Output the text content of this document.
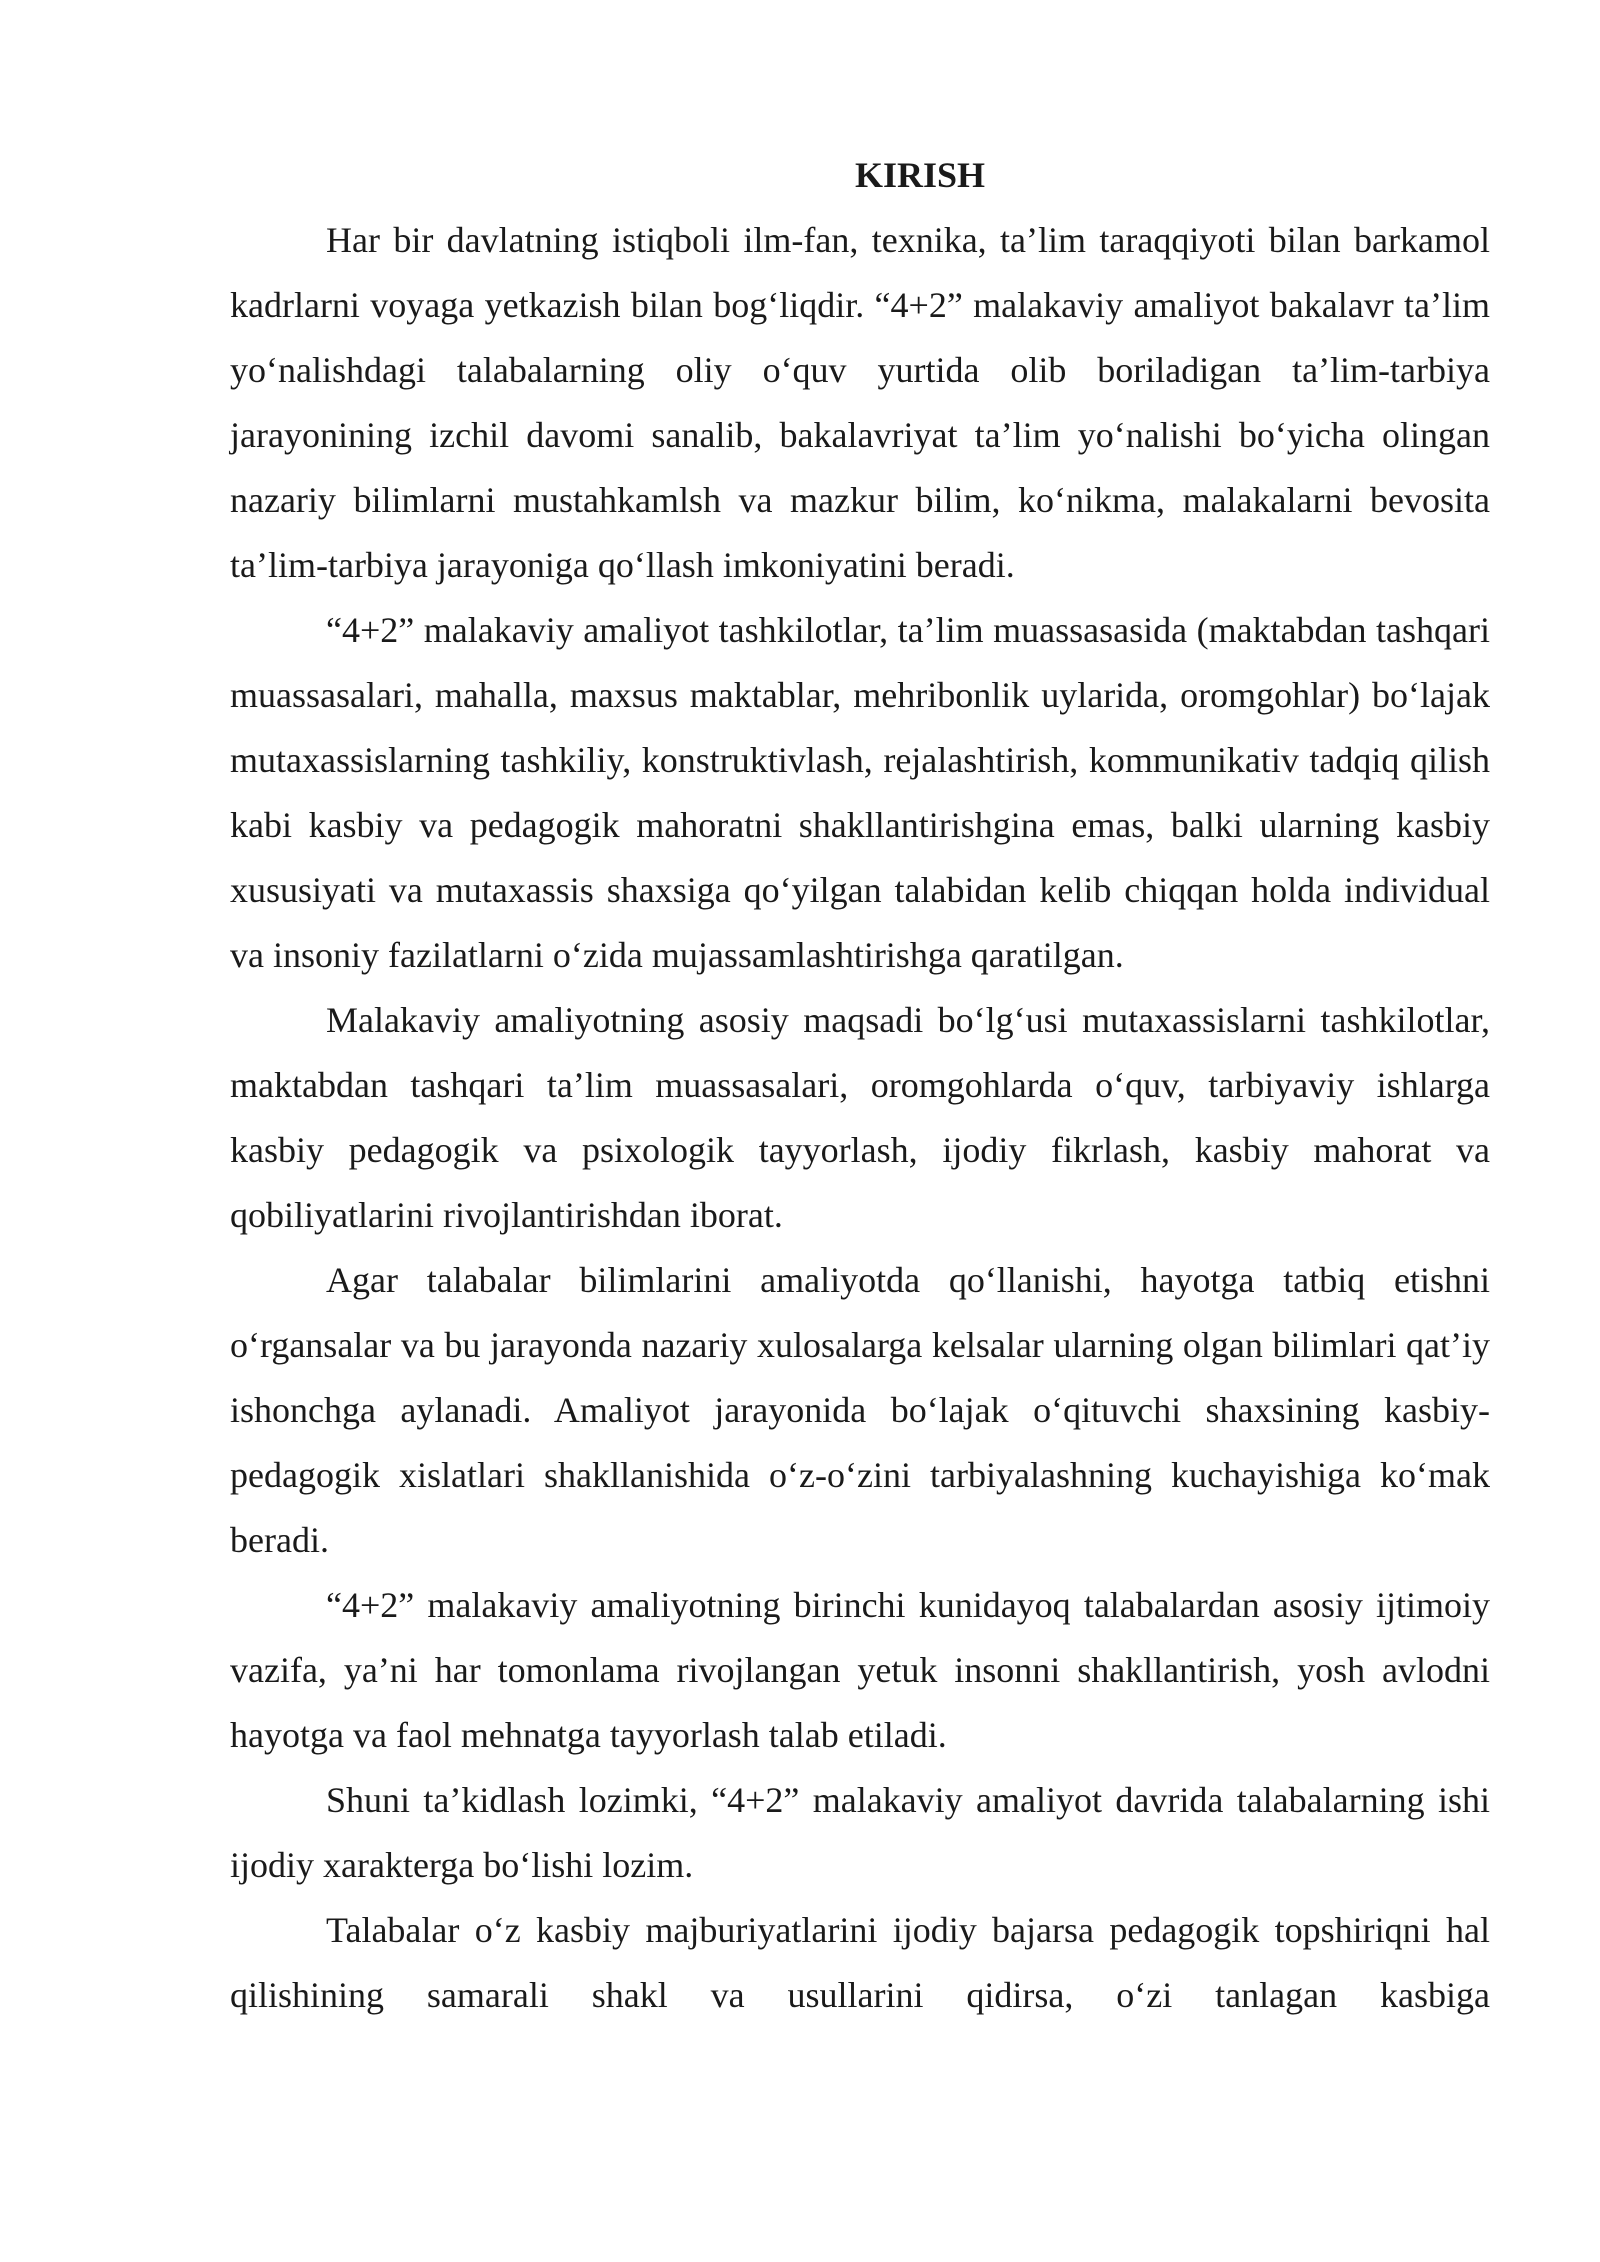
KIRISH

Har bir davlatning istiqboli ilm-fan, texnika, ta’lim taraqqiyoti bilan barkamol kadrlarni voyaga yetkazish bilan bog‘liqdir. “4+2” malakaviy amaliyot bakalavr ta’lim yo‘nalishdagi talabalarning oliy o‘quv yurtida olib boriladigan ta’lim-tarbiya jarayonining izchil davomi sanalib, bakalavriyat ta’lim yo‘nalishi bo‘yicha olingan nazariy bilimlarni mustahkamlsh va mazkur bilim, ko‘nikma, malakalarni bevosita ta’lim-tarbiya jarayoniga qo‘llash imkoniyatini beradi.

“4+2” malakaviy amaliyot tashkilotlar, ta’lim muassasasida (maktabdan tashqari muassasalari, mahalla, maxsus maktablar, mehribonlik uylarida, oromgohlar) bo‘lajak mutaxassislarning tashkiliy, konstruktivlash, rejalashtirish, kommunikativ tadqiq qilish kabi kasbiy va pedagogik mahoratni shakllantirishgina emas, balki ularning kasbiy xususiyati va mutaxassis shaxsiga qo‘yilgan talabidan kelib chiqqan holda individual va insoniy fazilatlarni o‘zida mujassamlashtirishga qaratilgan.

Malakaviy amaliyotning asosiy maqsadi bo‘lg‘usi mutaxassislarni tashkilotlar, maktabdan tashqari ta’lim muassasalari, oromgohlarda o‘quv, tarbiyaviy ishlarga kasbiy pedagogik va psixologik tayyorlash, ijodiy fikrlash, kasbiy mahorat va qobiliyatlarini rivojlantirishdan iborat.

Agar talabalar bilimlarini amaliyotda qo‘llanishi, hayotga tatbiq etishni o‘rgansalar va bu jarayonda nazariy xulosalarga kelsalar ularning olgan bilimlari qat’iy ishonchga aylanadi. Amaliyot jarayonida bo‘lajak o‘qituvchi shaxsining kasbiy-pedagogik xislatlari shakllanishida o‘z-o‘zini tarbiyalashning kuchayishiga ko‘mak beradi.

“4+2” malakaviy amaliyotning birinchi kunidayoq talabalardan asosiy ijtimoiy vazifa, ya’ni har tomonlama rivojlangan yetuk insonni shakllantirish, yosh avlodni hayotga va faol mehnatga tayyorlash talab etiladi.

Shuni ta’kidlash lozimki, “4+2” malakaviy amaliyot davrida talabalarning ishi ijodiy xarakterga bo‘lishi lozim.

Talabalar o‘z kasbiy majburiyatlarini ijodiy bajarsa pedagogik topshiriqni hal qilishining samarali shakl va usullarini qidirsa, o‘zi tanlagan kasbiga
